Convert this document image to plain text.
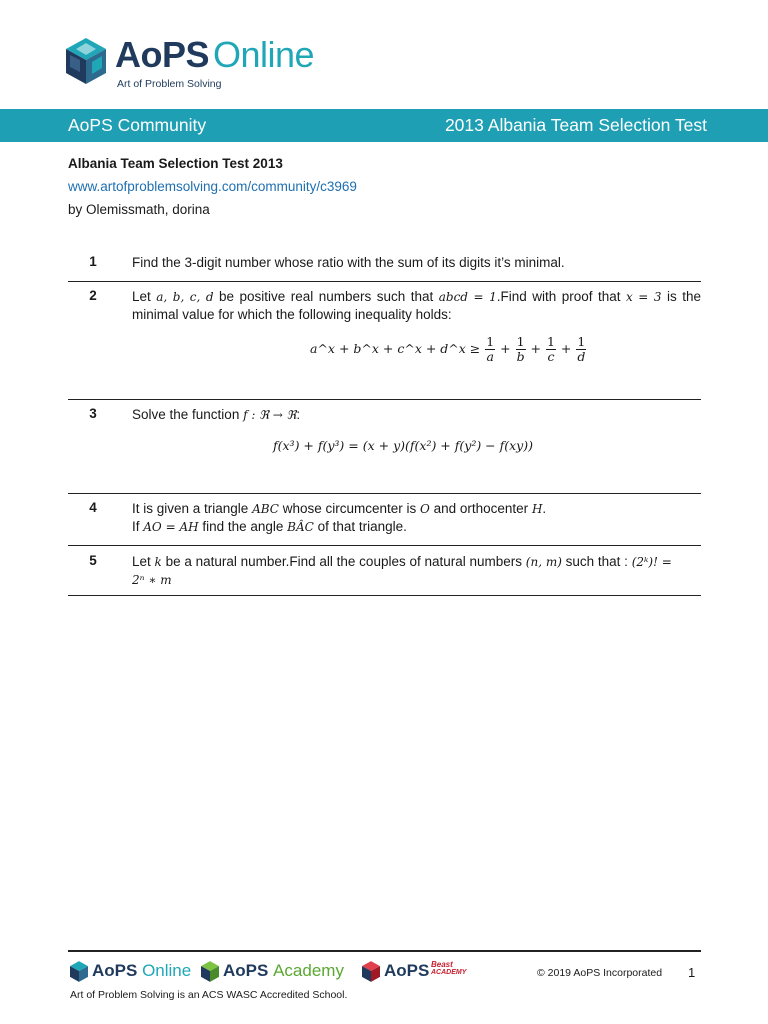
AoPS Online
Art of Problem Solving
AoPS Community	2013 Albania Team Selection Test
Albania Team Selection Test 2013
www.artofproblemsolving.com/community/c3969
by Olemissmath, dorina
1	Find the 3-digit number whose ratio with the sum of its digits it’s minimal.
2	Let a, b, c, d be positive real numbers such that abcd = 1.Find with proof that x = 3 is the minimal value for which the following inequality holds:
a^x + b^x + c^x + d^x ≥ $\frac{1}{a} + \frac{1}{b} + \frac{1}{c} + \frac{1}{d}$
3	Solve the function f : ℜ → ℜ:
f(x³) + f(y³) = (x + y)(f(x²) + f(y²) − f(xy))
4	It is given a triangle ABC whose circumcenter is O and orthocenter H.
If AO = AH find the angle BÂC of that triangle.
5	Let k be a natural number.Find all the couples of natural numbers (n, m) such that : (2ᵏ)! =
2ⁿ ∗ m
AoPS Online AoPS Academy AoPS Beast
ACADEMY	© 2019 AoPS Incorporated 1
Art of Problem Solving is an ACS WASC Accredited School.
